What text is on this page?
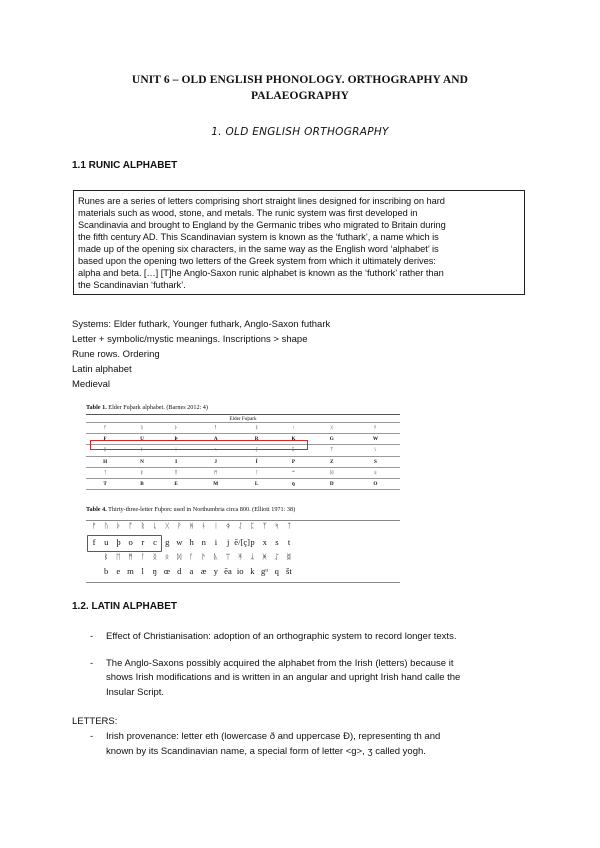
UNIT 6 – OLD ENGLISH PHONOLOGY. ORTHOGRAPHY AND
PALAEOGRAPHY
1. OLD ENGLISH ORTHOGRAPHY
1.1 RUNIC ALPHABET
Runes are a series of letters comprising short straight lines designed for inscribing on hard
materials such as wood, stone, and metals. The runic system was first developed in
Scandinavia and brought to England by the Germanic tribes who migrated to Britain during
the fifth century AD. This Scandinavian system is known as the ‘futhark’, a name which is
made up of the opening six characters, in the same way as the English word ‘alphabet’ is
based upon the opening two letters of the Greek system from which it ultimately derives:
alpha and beta. […] [T]he Anglo-Saxon runic alphabet is known as the ‘futhork’ rather than
the Scandinavian ‘futhark’.
Systems: Elder futhark, Younger futhark, Anglo-Saxon futhark
Letter + symbolic/mystic meanings. Inscriptions > shape
Rune rows. Ordering
Latin alphabet
Medieval
Table 1. Elder Fuþark alphabet. (Barnes 2012: 4)
Elder Fuþark							
ᚠ	ᚢ	ᚦ	ᚨ	ᚱ	ᚲ	ᚷ	ᚹ
F	U	Þ	A	R	K	G	W
ᚺ	ᚾ	ᛁ	ᛃ	ᛇ	ᛈ	ᛉ	ᛊ
H	N	I	J	Ï	P	Z	S
ᛏ	ᛒ	ᛖ	ᛗ	ᛚ	ᛜ	ᛞ	ᛟ
T	B	E	M	L	ŋ	D	O
Table 4. Thirty-three-letter Fuþorc used in Northumbria circa 800. (Elliott 1971: 38)
ᚠ	ᚢ	ᚦ	ᚩ	ᚱ	ᚳ	ᚷ	ᚹ	ᚻ	ᚾ	ᛁ	ᛄ	ᛇ	ᛈ	ᛉ	ᛋ	ᛏ
f u þ o	r	c g w h n	i	j ē/[ç] p x s	t
ᛒ	ᛖ	ᛗ	ᛚ	ᛝ	ᛟ	ᛞ	ᚪ	ᚫ	ᚣ	ᛠ	ᛡ	ᛣ	ᚸ	ᛢ	ᛥ
b e m l	ŋ œ d a æ y ēa io k gᵘ q št
1.2. LATIN ALPHABET
- Effect of Christianisation: adoption of an orthographic system to record longer texts.
- The Anglo-Saxons possibly acquired the alphabet from the Irish (letters) because it
shows Irish modifications and is written in an angular and upright Irish hand calle the
Insular Script.
LETTERS:
- Irish provenance: letter eth (lowercase ð and uppercase Ð), representing th and
known by its Scandinavian name, a special form of letter <g>, ʒ called yogh.
